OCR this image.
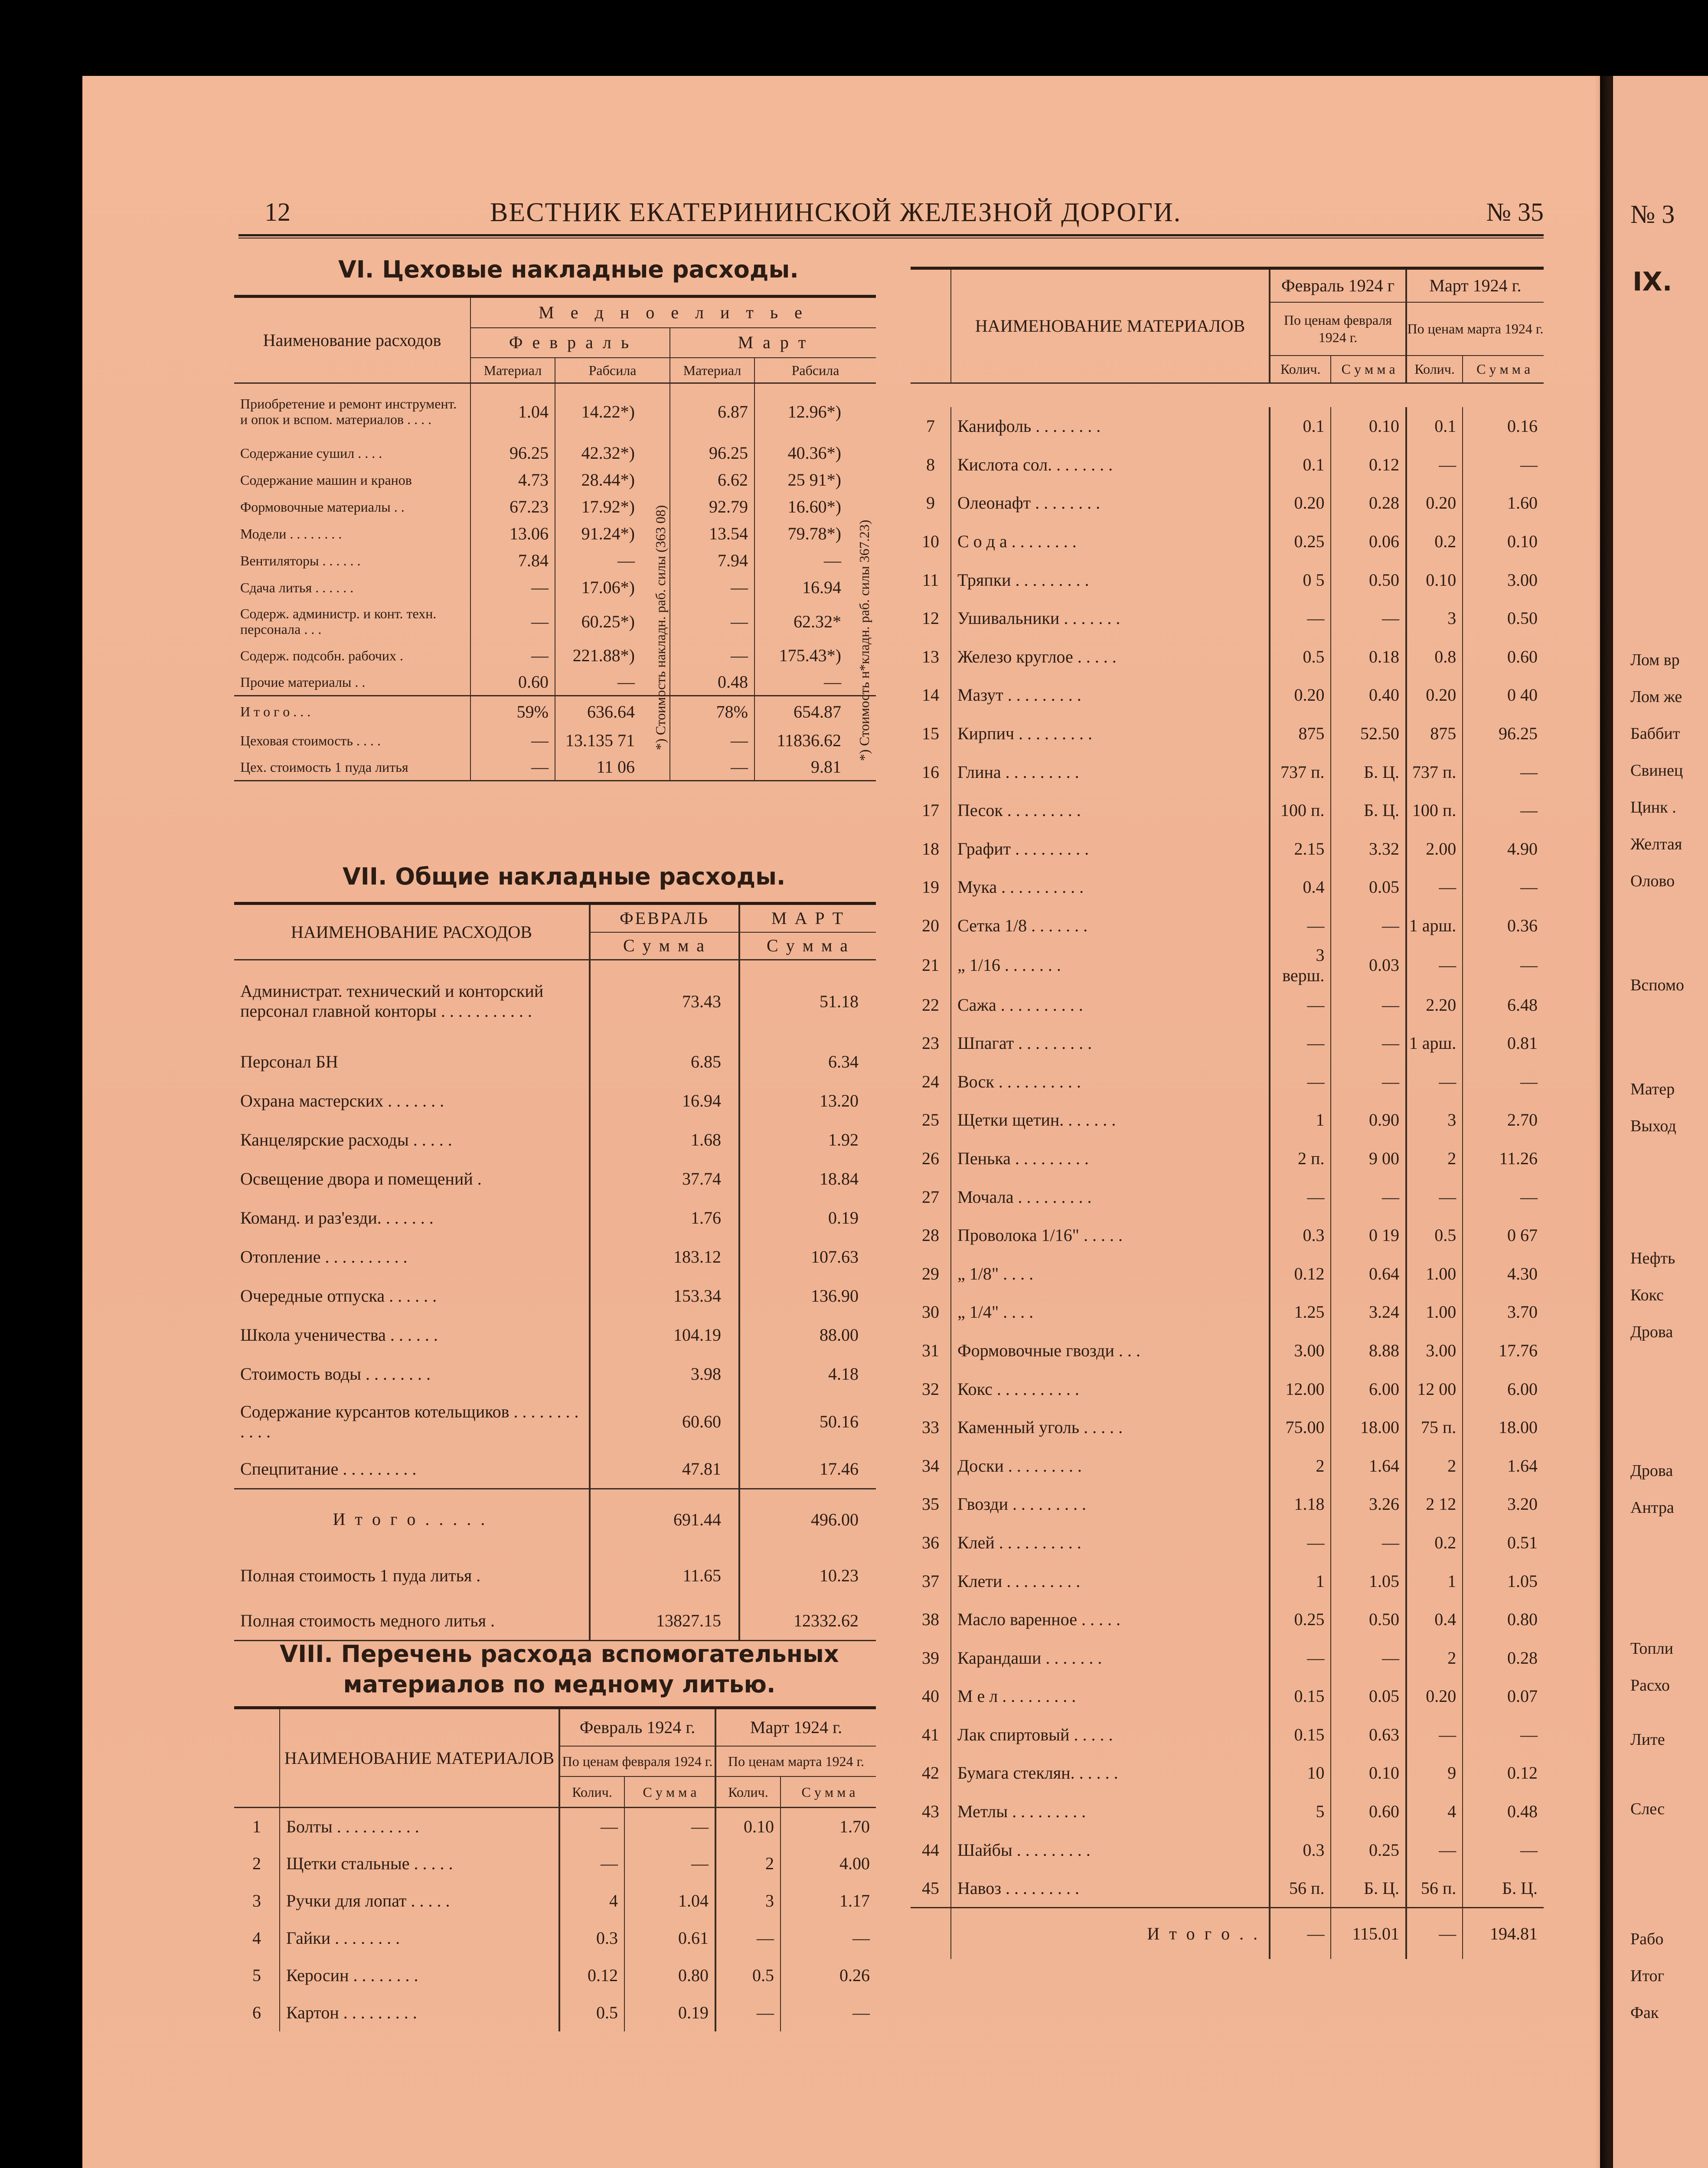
№ 3
IX.
Лом вр
Лом же
Баббит
Свинец
Цинк .
Желтая
Олово
Вспомо
Матер
Выход
Нефть
Кокс
Дрова
Дрова
Антра
Топли
Расхо
Лите
Слес
Рабо
Итог
Фак
12	ВЕСТНИК ЕКАТЕРИНИНСКОЙ ЖЕЛЕЗНОЙ ДОРОГИ.	№ 35
VI. Цеховые накладные расходы.
Наименование расходов	М е д н о е л и т ь е			
	Ф е в р а л ь		М а р т	
	Материал	Рабсила	Материал	Рабсила
Приобретение и ремонт инструмент. и опок и вспом. материалов . . . .	1.04	14.22*)	6.87	12.96*)
Содержание сушил . . . .	96.25	42.32*)	96.25	40.36*)
Содержание машин и кранов	4.73	28.44*)	6.62	25 91*)
Формовочные материалы . .	67.23	17.92*)	92.79	16.60*)
Модели . . . . . . . .	13.06	91.24*)	13.54	79.78*)
Вентиляторы . . . . . .	7.84	—	7.94	—
Сдача литья . . . . . .	—	17.06*)	—	16.94
Содерж. администр. и конт. техн. персонала . . .	—	60.25*)	—	62.32*
Содерж. подсобн. рабочих .	—	221.88*)	—	175.43*)
Прочие материалы . .	0.60	—	0.48	—
И т о г о . . .	59%	636.64	78%	654.87
Цеховая стоимость . . . .	—	13.135 71	—	11836.62
Цех. стоимость 1 пуда литья	—	11 06	—	9.81
*) Стоимость накладн. раб. силы (363 08)	*) Стоимость н*кладн. раб. силы 367.23)
VII. Общие накладные расходы.
НАИМЕНОВАНИЕ РАСХОДОВ	ФЕВРАЛЬ	М А Р Т
	С у м м а	С у м м а
Администрат. технический и конторский персонал главной конторы . . . . . . . . . . .	73.43	51.18
Персонал БН	6.85	6.34
Охрана мастерских . . . . . . .	16.94	13.20
Канцелярские расходы . . . . .	1.68	1.92
Освещение двора и помещений .	37.74	18.84
Команд. и раз'езди. . . . . . .	1.76	0.19
Отопление . . . . . . . . . .	183.12	107.63
Очередные отпуска . . . . . .	153.34	136.90
Школа ученичества . . . . . .	104.19	88.00
Стоимость воды . . . . . . . .	3.98	4.18
Содержание курсантов котельщиков . . . . . . . . . . . .	60.60	50.16
Спецпитание . . . . . . . . .	47.81	17.46
И т о г о . . . . .	691.44	496.00
Полная стоимость 1 пуда литья .	11.65	10.23
Полная стоимость медного литья .	13827.15	12332.62
VIII. Перечень расхода вспомогательных материалов по медному литью.
	НАИМЕНОВАНИЕ МАТЕРИАЛОВ	Февраль 1924 г.		Март 1924 г.	
		По ценам февраля 1924 г.		По ценам марта 1924 г.	
		Колич.	С у м м а	Колич.	С у м м а
1	Болты . . . . . . . . . .	—	—	0.10	1.70
2	Щетки стальные . . . . .	—	—	2	4.00
3	Ручки для лопат . . . . .	4	1.04	3	1.17
4	Гайки . . . . . . . .	0.3	0.61	—	—
5	Керосин . . . . . . . .	0.12	0.80	0.5	0.26
6	Картон . . . . . . . . .	0.5	0.19	—	—
	НАИМЕНОВАНИЕ МАТЕРИАЛОВ	Февраль 1924 г		Март 1924 г.	
		По ценам февраля 1924 г.		По ценам марта 1924 г.	
		Колич.	С у м м а	Колич.	С у м м а

7	Канифоль . . . . . . . .	0.1	0.10	0.1	0.16
8	Кислота сол. . . . . . . .	0.1	0.12	—	—
9	Олеонафт . . . . . . . .	0.20	0.28	0.20	1.60
10	С о д а . . . . . . . .	0.25	0.06	0.2	0.10
11	Тряпки . . . . . . . . .	0 5	0.50	0.10	3.00
12	Ушивальники . . . . . . .	—	—	3	0.50
13	Железо круглое . . . . .	0.5	0.18	0.8	0.60
14	Мазут . . . . . . . . .	0.20	0.40	0.20	0 40
15	Кирпич . . . . . . . . .	875	52.50	875	96.25
16	Глина . . . . . . . . .	737 п.	Б. Ц.	737 п.	—
17	Песок . . . . . . . . .	100 п.	Б. Ц.	100 п.	—
18	Графит . . . . . . . . .	2.15	3.32	2.00	4.90
19	Мука . . . . . . . . . .	0.4	0.05	—	—
20	Сетка 1/8 . . . . . . .	—	—	1 арш.	0.36
21	„ 1/16 . . . . . . .	3 верш.	0.03	—	—
22	Сажа . . . . . . . . . .	—	—	2.20	6.48
23	Шпагат . . . . . . . . .	—	—	1 арш.	0.81
24	Воск . . . . . . . . . .	—	—	—	—
25	Щетки щетин. . . . . . .	1	0.90	3	2.70
26	Пенька . . . . . . . . .	2 п.	9 00	2	11.26
27	Мочала . . . . . . . . .	—	—	—	—
28	Проволока 1/16" . . . . .	0.3	0 19	0.5	0 67
29	„ 1/8" . . . .	0.12	0.64	1.00	4.30
30	„ 1/4" . . . .	1.25	3.24	1.00	3.70
31	Формовочные гвозди . . .	3.00	8.88	3.00	17.76
32	Кокс . . . . . . . . . .	12.00	6.00	12 00	6.00
33	Каменный уголь . . . . .	75.00	18.00	75 п.	18.00
34	Доски . . . . . . . . .	2	1.64	2	1.64
35	Гвозди . . . . . . . . .	1.18	3.26	2 12	3.20
36	Клей . . . . . . . . . .	—	—	0.2	0.51
37	Клети . . . . . . . . .	1	1.05	1	1.05
38	Масло варенное . . . . .	0.25	0.50	0.4	0.80
39	Карандаши . . . . . . .	—	—	2	0.28
40	М е л . . . . . . . . .	0.15	0.05	0.20	0.07
41	Лак спиртовый . . . . .	0.15	0.63	—	—
42	Бумага стеклян. . . . . .	10	0.10	9	0.12
43	Метлы . . . . . . . . .	5	0.60	4	0.48
44	Шайбы . . . . . . . . .	0.3	0.25	—	—
45	Навоз . . . . . . . . .	56 п.	Б. Ц.	56 п.	Б. Ц.
	И т о г о . .	—	115.01	—	194.81
